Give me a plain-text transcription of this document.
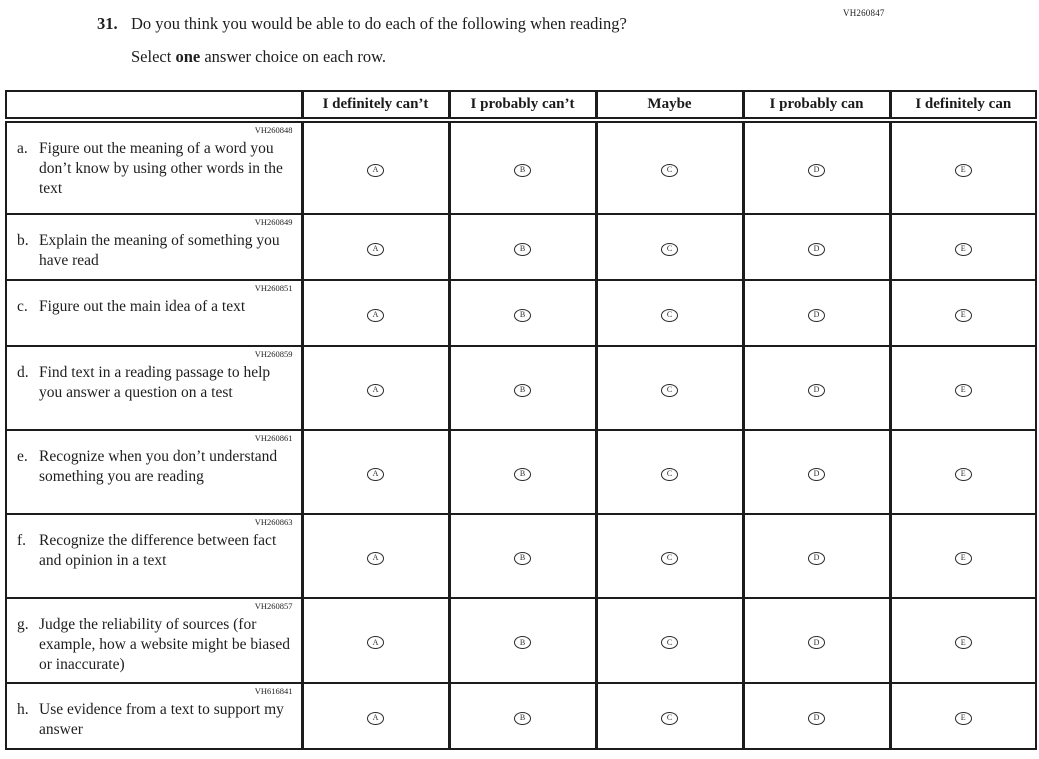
VH260847
31. Do you think you would be able to do each of the following when reading?
Select one answer choice on each row.
	I definitely can’t	I probably can’t	Maybe	I probably can	I definitely can

VH260848
a. Figure out the meaning of a word you don’t know by using other words in the text	A	B	C	D	E

VH260849
b. Explain the meaning of something you have read	A	B	C	D	E

VH260851
c. Figure out the main idea of a text	A	B	C	D	E

VH260859
d. Find text in a reading passage to help you answer a question on a test	A	B	C	D	E

VH260861
e. Recognize when you don’t understand something you are reading	A	B	C	D	E

VH260863
f. Recognize the difference between fact and opinion in a text	A	B	C	D	E

VH260857
g. Judge the reliability of sources (for example, how a website might be biased or inaccurate)	A	B	C	D	E

VH616841
h. Use evidence from a text to support my answer	A	B	C	D	E
